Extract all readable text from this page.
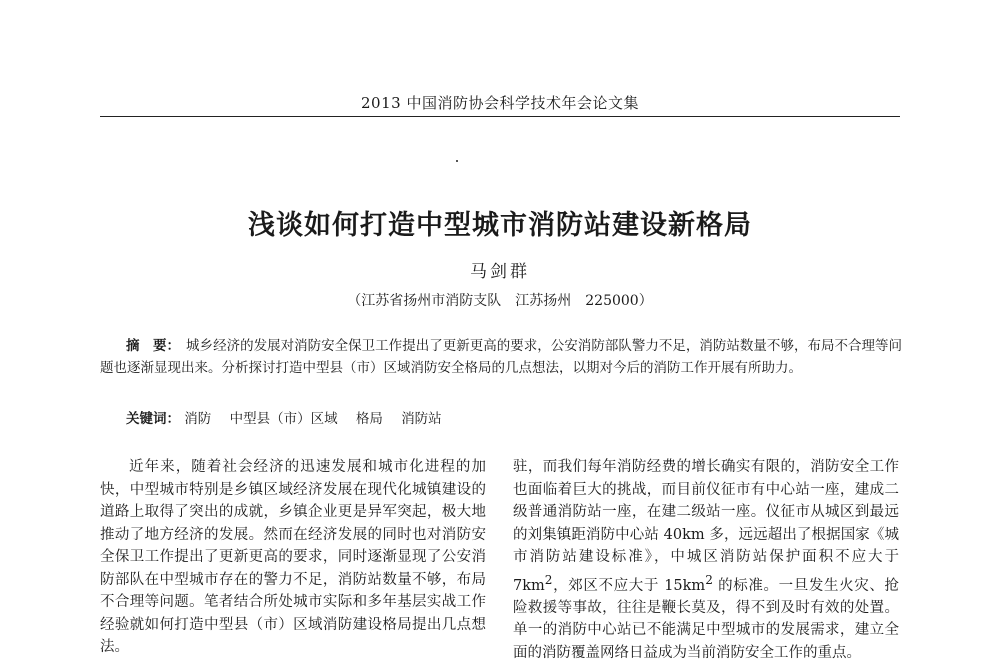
2013 中国消防协会科学技术年会论文集
浅谈如何打造中型城市消防站建设新格局
马剑群
（江苏省扬州市消防支队　江苏扬州　225000）
摘　要： 城乡经济的发展对消防安全保卫工作提出了更新更高的要求，公安消防部队警力不足，消防站数量不够，布局不合理等问题也逐渐显现出来。分析探讨打造中型县（市）区域消防安全格局的几点想法，以期对今后的消防工作开展有所助力。
关键词： 消防 中型县（市）区域 格局 消防站
近年来，随着社会经济的迅速发展和城市化进程的加快，中型城市特别是乡镇区域经济发展在现代化城镇建设的道路上取得了突出的成就，乡镇企业更是异军突起，极大地推动了地方经济的发展。然而在经济发展的同时也对消防安全保卫工作提出了更新更高的要求，同时逐渐显现了公安消防部队在中型城市存在的警力不足，消防站数量不够，布局不合理等问题。笔者结合所处城市实际和多年基层实战工作经验就如何打造中型县（市）区域消防建设格局提出几点想法。
驻，而我们每年消防经费的增长确实有限的，消防安全工作也面临着巨大的挑战，而目前仪征市有中心站一座，建成二级普通消防站一座，在建二级站一座。仪征市从城区到最远的刘集镇距消防中心站 40km 多，远远超出了根据国家《城市消防站建设标准》，中城区消防站保护面积不应大于 $7km^2$，郊区不应大于 $15km^2$ 的标准。一旦发生火灾、抢险救援等事故，往往是鞭长莫及，得不到及时有效的处置。单一的消防中心站已不能满足中型城市的发展需求，建立全面的消防覆盖网络日益成为当前消防安全工作的重点。
